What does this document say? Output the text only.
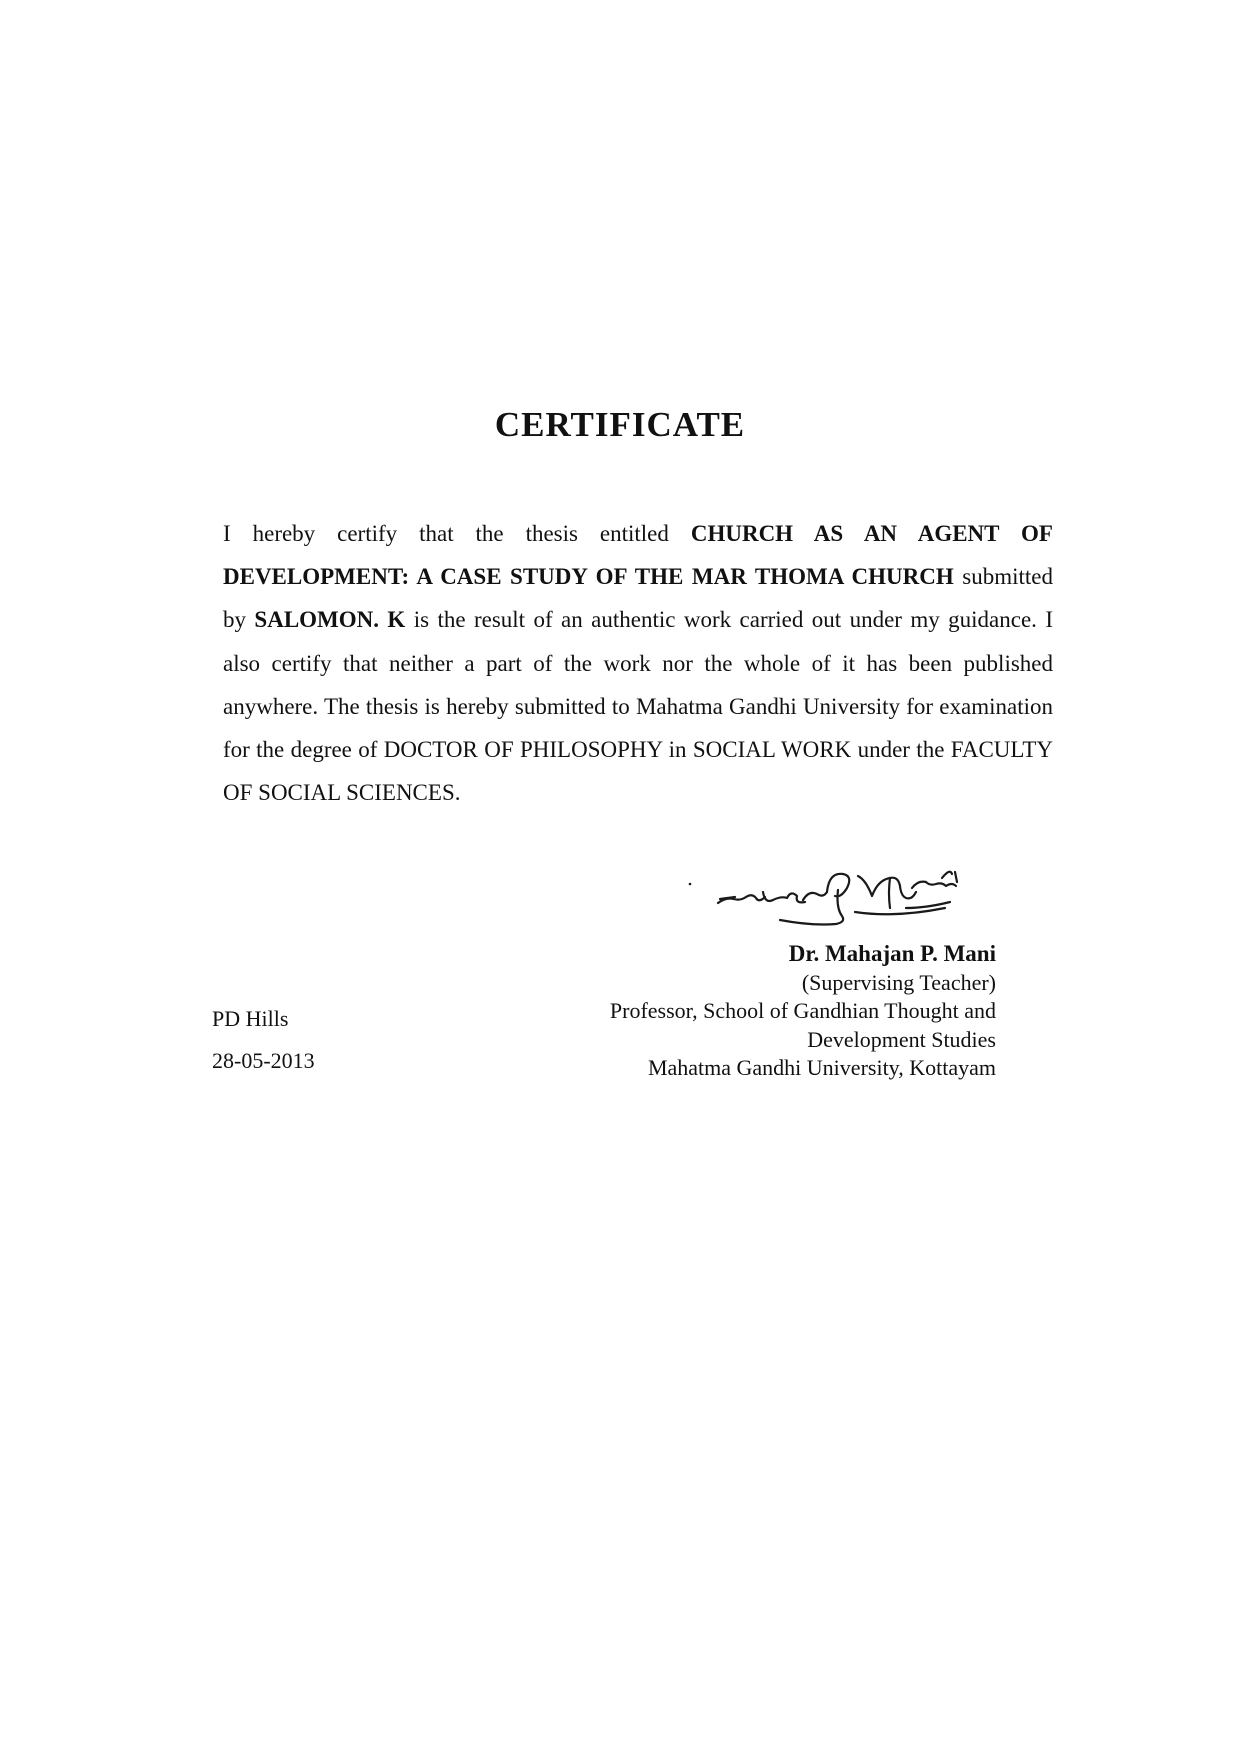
CERTIFICATE

I hereby certify that the thesis entitled CHURCH AS AN AGENT OF DEVELOPMENT: A CASE STUDY OF THE MAR THOMA CHURCH submitted by SALOMON. K is the result of an authentic work carried out under my guidance. I also certify that neither a part of the work nor the whole of it has been published anywhere. The thesis is hereby submitted to Mahatma Gandhi University for examination for the degree of DOCTOR OF PHILOSOPHY in SOCIAL WORK under the FACULTY OF SOCIAL SCIENCES.

Dr. Mahajan P. Mani
(Supervising Teacher)
Professor, School of Gandhian Thought and
Development Studies
Mahatma Gandhi University, Kottayam
PD Hills
28-05-2013
